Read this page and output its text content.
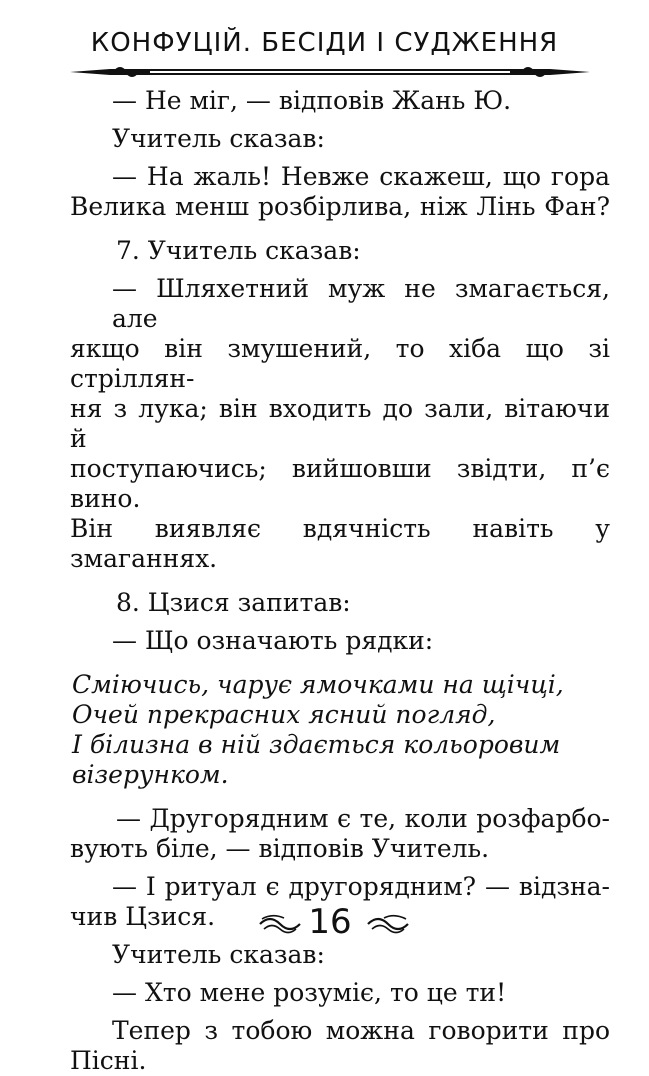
КОНФУЦІЙ. БЕСІДИ І СУДЖЕННЯ

— Не міг, — відповів Жань Ю.

Учитель сказав:

— На жаль! Невже скажеш, що гора

Велика менш розбірлива, ніж Лінь Фан?

7. Учитель сказав:

— Шляхетний муж не змагається, але

якщо він змушений, то хіба що зі стріллян-

ня з лука; він входить до зали, вітаючи й

поступаючись; вийшовши звідти, п’є вино.

Він виявляє вдячність навіть у змаганнях.

8. Цзися запитав:

— Що означають рядки:

Сміючись, чарує ямочками на щічці,

Очей прекрасних ясний погляд,

І білизна в ній здається кольоровим

візерунком.

— Другорядним є те, коли розфарбо-

вують біле, — відповів Учитель.

— І ритуал є другорядним? — відзна-

чив Цзися.

Учитель сказав:

— Хто мене розуміє, то це ти!

Тепер з тобою можна говорити про

Пісні.

16
